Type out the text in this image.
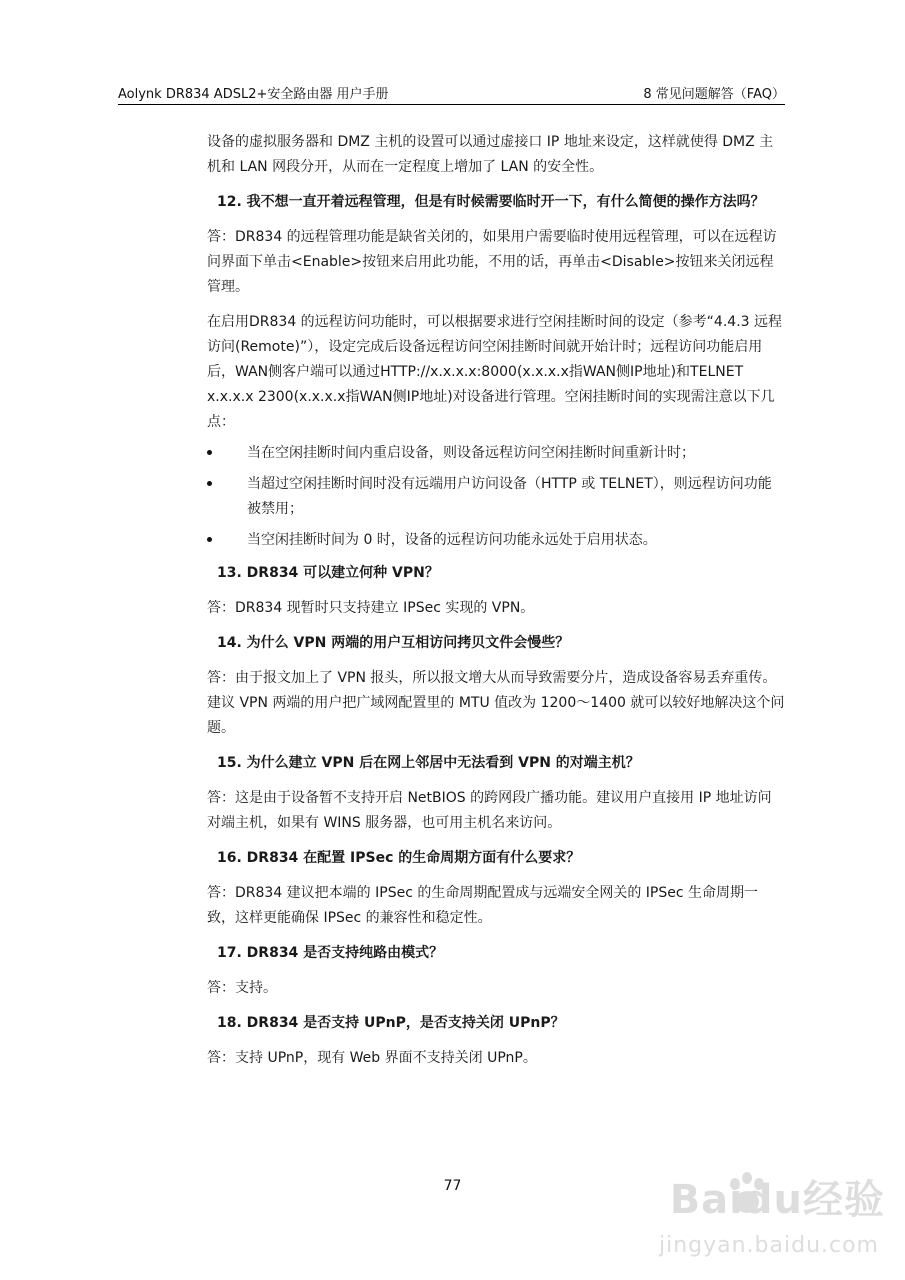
Aolynk DR834 ADSL2+安全路由器 用户手册	8 常见问题解答（FAQ）

设备的虚拟服务器和 DMZ 主机的设置可以通过虚接口 IP 地址来设定，这样就使得 DMZ 主机和 LAN 网段分开，从而在一定程度上增加了 LAN 的安全性。

12. 我不想一直开着远程管理，但是有时候需要临时开一下，有什么简便的操作方法吗？

答：DR834 的远程管理功能是缺省关闭的，如果用户需要临时使用远程管理，可以在远程访问界面下单击<Enable>按钮来启用此功能，不用的话，再单击<Disable>按钮来关闭远程管理。

在启用DR834 的远程访问功能时，可以根据要求进行空闲挂断时间的设定（参考“4.4.3 远程访问(Remote)”），设定完成后设备远程访问空闲挂断时间就开始计时；远程访问功能启用后，WAN侧客户端可以通过HTTP://x.x.x.x:8000(x.x.x.x指WAN侧IP地址)和TELNET x.x.x.x 2300(x.x.x.x指WAN侧IP地址)对设备进行管理。空闲挂断时间的实现需注意以下几点：

当在空闲挂断时间内重启设备，则设备远程访问空闲挂断时间重新计时；
当超过空闲挂断时间时没有远端用户访问设备（HTTP 或 TELNET），则远程访问功能被禁用；
当空闲挂断时间为 0 时，设备的远程访问功能永远处于启用状态。

13. DR834 可以建立何种 VPN？

答：DR834 现暂时只支持建立 IPSec 实现的 VPN。

14. 为什么 VPN 两端的用户互相访问拷贝文件会慢些？

答：由于报文加上了 VPN 报头，所以报文增大从而导致需要分片，造成设备容易丢弃重传。建议 VPN 两端的用户把广域网配置里的 MTU 值改为 1200～1400 就可以较好地解决这个问题。

15. 为什么建立 VPN 后在网上邻居中无法看到 VPN 的对端主机？

答：这是由于设备暂不支持开启 NetBIOS 的跨网段广播功能。建议用户直接用 IP 地址访问对端主机，如果有 WINS 服务器，也可用主机名来访问。

16. DR834 在配置 IPSec 的生命周期方面有什么要求？

答：DR834 建议把本端的 IPSec 的生命周期配置成与远端安全网关的 IPSec 生命周期一致，这样更能确保 IPSec 的兼容性和稳定性。

17. DR834 是否支持纯路由模式？

答：支持。

18. DR834 是否支持 UPnP，是否支持关闭 UPnP？

答：支持 UPnP，现有 Web 界面不支持关闭 UPnP。

77	Baidu经验
jingyan.baidu.com
